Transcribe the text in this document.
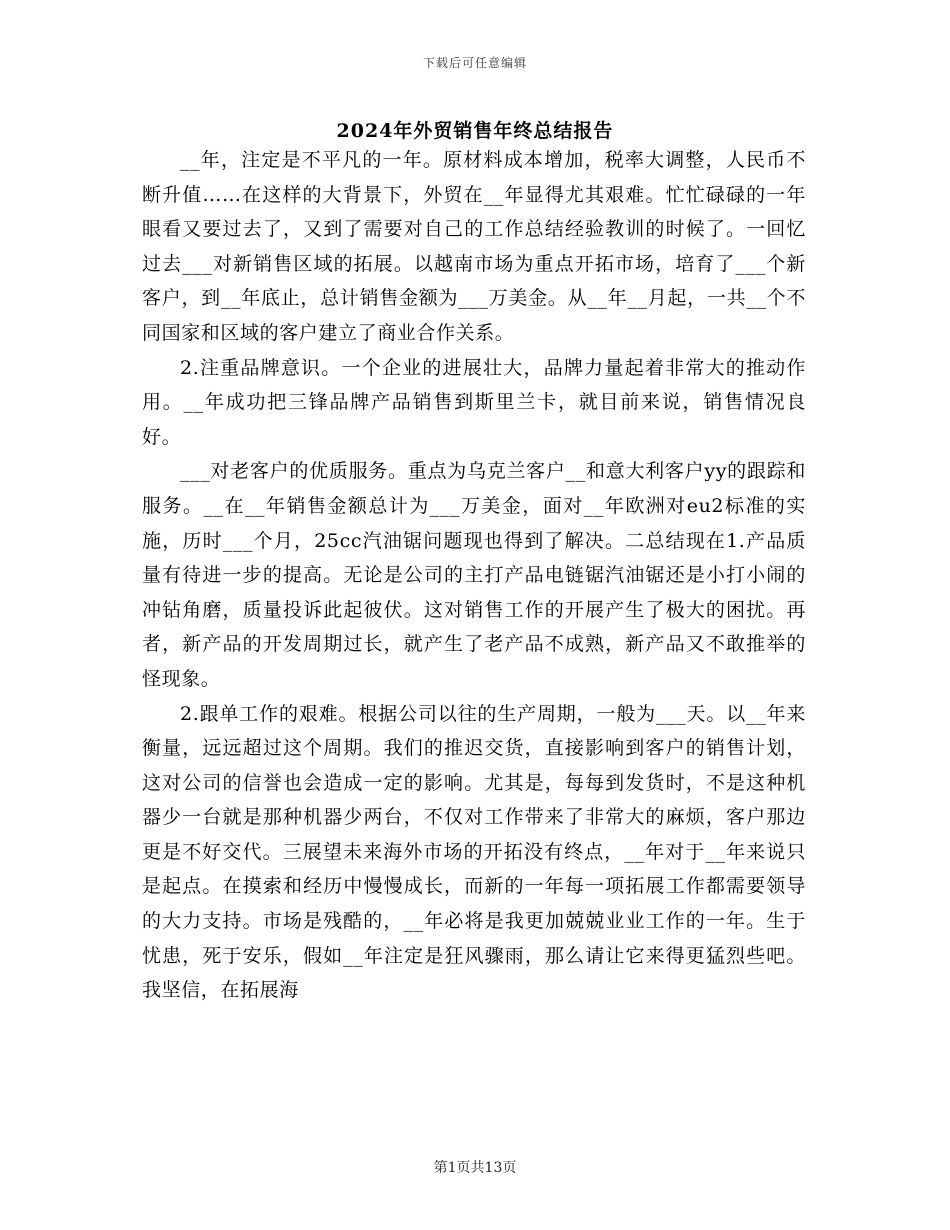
下载后可任意编辑
2024年外贸销售年终总结报告

__年，注定是不平凡的一年。原材料成本增加，税率大调整，人民币不断升值……在这样的大背景下，外贸在__年显得尤其艰难。忙忙碌碌的一年眼看又要过去了，又到了需要对自己的工作总结经验教训的时候了。一回忆过去___对新销售区域的拓展。以越南市场为重点开拓市场，培育了___个新客户，到__年底止，总计销售金额为___万美金。从__年__月起，一共__个不同国家和区域的客户建立了商业合作关系。

2.注重品牌意识。一个企业的进展壮大，品牌力量起着非常大的推动作用。__年成功把三锋品牌产品销售到斯里兰卡，就目前来说，销售情况良好。

___对老客户的优质服务。重点为乌克兰客户__和意大利客户yy的跟踪和服务。__在__年销售金额总计为___万美金，面对__年欧洲对eu2标准的实施，历时___个月，25cc汽油锯问题现也得到了解决。二总结现在1.产品质量有待进一步的提高。无论是公司的主打产品电链锯汽油锯还是小打小闹的冲钻角磨，质量投诉此起彼伏。这对销售工作的开展产生了极大的困扰。再者，新产品的开发周期过长，就产生了老产品不成熟，新产品又不敢推举的怪现象。

2.跟单工作的艰难。根据公司以往的生产周期，一般为___天。以__年来衡量，远远超过这个周期。我们的推迟交货，直接影响到客户的销售计划，这对公司的信誉也会造成一定的影响。尤其是，每每到发货时，不是这种机器少一台就是那种机器少两台，不仅对工作带来了非常大的麻烦，客户那边更是不好交代。三展望未来海外市场的开拓没有终点，__年对于__年来说只是起点。在摸索和经历中慢慢成长，而新的一年每一项拓展工作都需要领导的大力支持。市场是残酷的，__年必将是我更加兢兢业业工作的一年。生于忧患，死于安乐，假如__年注定是狂风骤雨，那么请让它来得更猛烈些吧。我坚信，在拓展海

第1页共13页
